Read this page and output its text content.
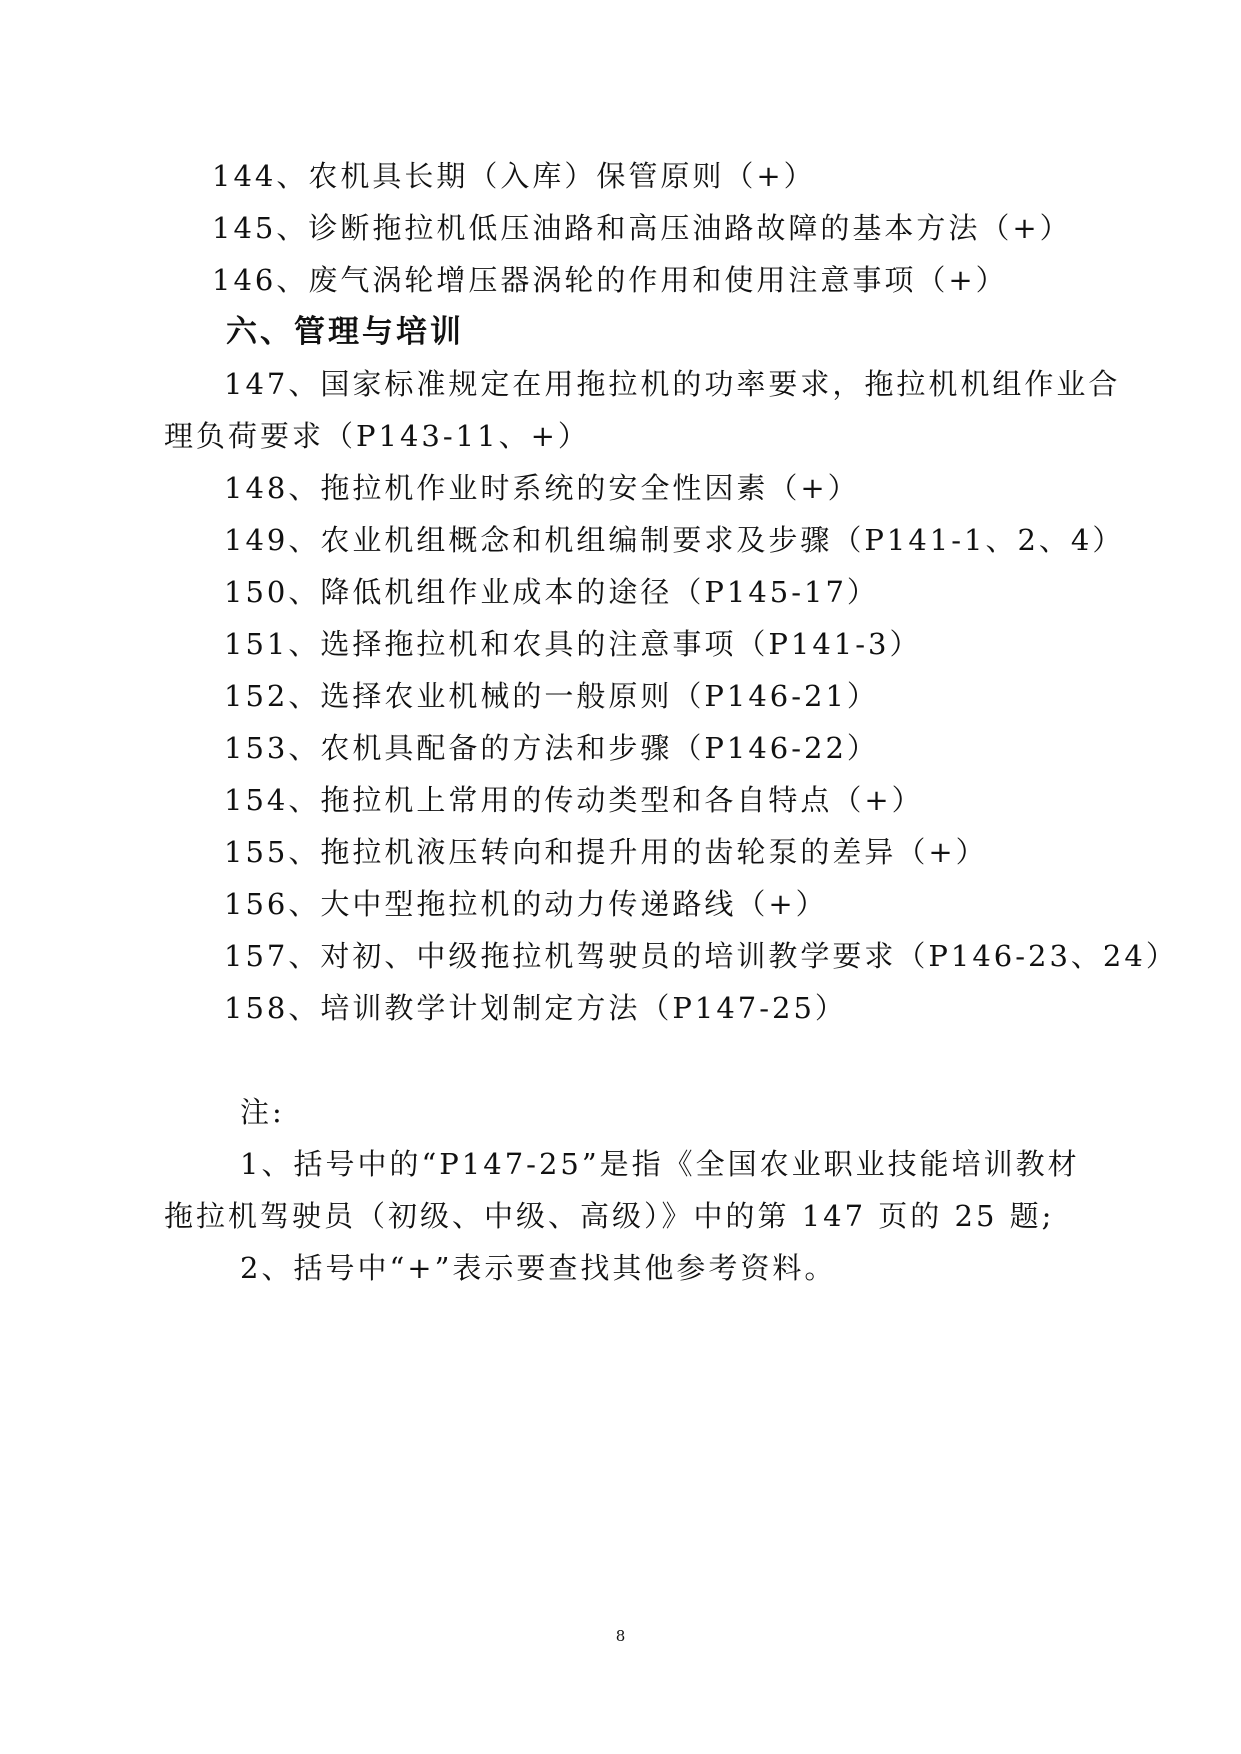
144、农机具长期（入库）保管原则（+）
145、诊断拖拉机低压油路和高压油路故障的基本方法（+）
146、废气涡轮增压器涡轮的作用和使用注意事项（+）
六、管理与培训
147、国家标准规定在用拖拉机的功率要求，拖拉机机组作业合
理负荷要求（P143-11、+）
148、拖拉机作业时系统的安全性因素（+）
149、农业机组概念和机组编制要求及步骤（P141-1、2、4）
150、降低机组作业成本的途径（P145-17）
151、选择拖拉机和农具的注意事项（P141-3）
152、选择农业机械的一般原则（P146-21）
153、农机具配备的方法和步骤（P146-22）
154、拖拉机上常用的传动类型和各自特点（+）
155、拖拉机液压转向和提升用的齿轮泵的差异（+）
156、大中型拖拉机的动力传递路线（+）
157、对初、中级拖拉机驾驶员的培训教学要求（P146-23、24）
158、培训教学计划制定方法（P147-25）
注:
1、括号中的“P147-25”是指《全国农业职业技能培训教材
拖拉机驾驶员（初级、中级、高级）》中的第 147 页的 25 题;
2、括号中“+”表示要查找其他参考资料。
8
